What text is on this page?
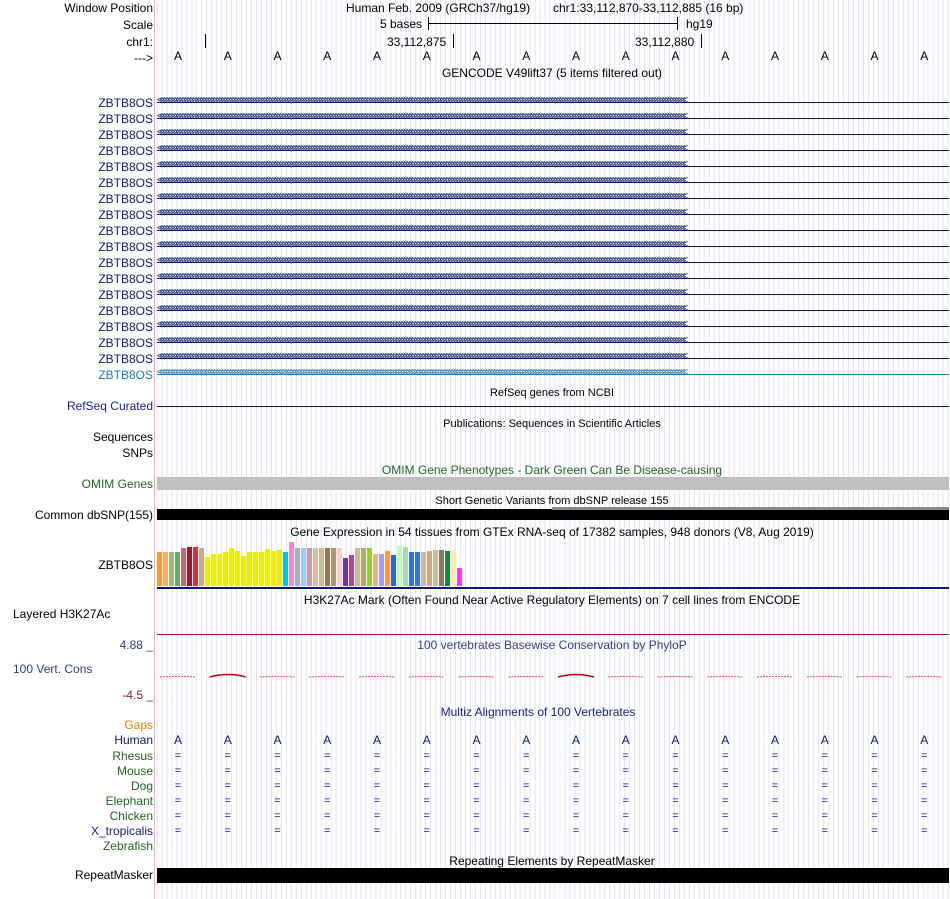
Window Position	Human Feb. 2009 (GRCh37/hg19) chr1:33,112,870-33,112,885 (16 bp)
Scale	5 bases	hg19
chr1:	33,112,875	33,112,880
---> A	A	A	A	A	A	A	A	A	A	A	A	A	A	A	A
GENCODE V49lift37 (5 items filtered out)
ZBTB8OS <<<<<<<<<<<<<<<<<<<<<<<<<<<<<<<<<<<<<<<<<<<<<<<<<<<<<<<<<<<<<<<<<<<<<<<<<<<<<<<<<<<<<<<<<<<<<<<<<<<<<<<<<<<<<<<<<<<<<<<<<<<<<<<<<<<<<<<<<<<<<<<<<<<<<<<<<<<<<<<<<<<<<<<<<<<<<<<<<<<<<<<<<<<<<<<<<<<<<<<<
ZBTB8OS <<<<<<<<<<<<<<<<<<<<<<<<<<<<<<<<<<<<<<<<<<<<<<<<<<<<<<<<<<<<<<<<<<<<<<<<<<<<<<<<<<<<<<<<<<<<<<<<<<<<<<<<<<<<<<<<<<<<<<<<<<<<<<<<<<<<<<<<<<<<<<<<<<<<<<<<<<<<<<<<<<<<<<<<<<<<<<<<<<<<<<<<<<<<<<<<<<<<<<<<
ZBTB8OS <<<<<<<<<<<<<<<<<<<<<<<<<<<<<<<<<<<<<<<<<<<<<<<<<<<<<<<<<<<<<<<<<<<<<<<<<<<<<<<<<<<<<<<<<<<<<<<<<<<<<<<<<<<<<<<<<<<<<<<<<<<<<<<<<<<<<<<<<<<<<<<<<<<<<<<<<<<<<<<<<<<<<<<<<<<<<<<<<<<<<<<<<<<<<<<<<<<<<<<<
ZBTB8OS <<<<<<<<<<<<<<<<<<<<<<<<<<<<<<<<<<<<<<<<<<<<<<<<<<<<<<<<<<<<<<<<<<<<<<<<<<<<<<<<<<<<<<<<<<<<<<<<<<<<<<<<<<<<<<<<<<<<<<<<<<<<<<<<<<<<<<<<<<<<<<<<<<<<<<<<<<<<<<<<<<<<<<<<<<<<<<<<<<<<<<<<<<<<<<<<<<<<<<<<
ZBTB8OS <<<<<<<<<<<<<<<<<<<<<<<<<<<<<<<<<<<<<<<<<<<<<<<<<<<<<<<<<<<<<<<<<<<<<<<<<<<<<<<<<<<<<<<<<<<<<<<<<<<<<<<<<<<<<<<<<<<<<<<<<<<<<<<<<<<<<<<<<<<<<<<<<<<<<<<<<<<<<<<<<<<<<<<<<<<<<<<<<<<<<<<<<<<<<<<<<<<<<<<<
ZBTB8OS <<<<<<<<<<<<<<<<<<<<<<<<<<<<<<<<<<<<<<<<<<<<<<<<<<<<<<<<<<<<<<<<<<<<<<<<<<<<<<<<<<<<<<<<<<<<<<<<<<<<<<<<<<<<<<<<<<<<<<<<<<<<<<<<<<<<<<<<<<<<<<<<<<<<<<<<<<<<<<<<<<<<<<<<<<<<<<<<<<<<<<<<<<<<<<<<<<<<<<<<
ZBTB8OS <<<<<<<<<<<<<<<<<<<<<<<<<<<<<<<<<<<<<<<<<<<<<<<<<<<<<<<<<<<<<<<<<<<<<<<<<<<<<<<<<<<<<<<<<<<<<<<<<<<<<<<<<<<<<<<<<<<<<<<<<<<<<<<<<<<<<<<<<<<<<<<<<<<<<<<<<<<<<<<<<<<<<<<<<<<<<<<<<<<<<<<<<<<<<<<<<<<<<<<<
ZBTB8OS <<<<<<<<<<<<<<<<<<<<<<<<<<<<<<<<<<<<<<<<<<<<<<<<<<<<<<<<<<<<<<<<<<<<<<<<<<<<<<<<<<<<<<<<<<<<<<<<<<<<<<<<<<<<<<<<<<<<<<<<<<<<<<<<<<<<<<<<<<<<<<<<<<<<<<<<<<<<<<<<<<<<<<<<<<<<<<<<<<<<<<<<<<<<<<<<<<<<<<<<
ZBTB8OS <<<<<<<<<<<<<<<<<<<<<<<<<<<<<<<<<<<<<<<<<<<<<<<<<<<<<<<<<<<<<<<<<<<<<<<<<<<<<<<<<<<<<<<<<<<<<<<<<<<<<<<<<<<<<<<<<<<<<<<<<<<<<<<<<<<<<<<<<<<<<<<<<<<<<<<<<<<<<<<<<<<<<<<<<<<<<<<<<<<<<<<<<<<<<<<<<<<<<<<<
ZBTB8OS <<<<<<<<<<<<<<<<<<<<<<<<<<<<<<<<<<<<<<<<<<<<<<<<<<<<<<<<<<<<<<<<<<<<<<<<<<<<<<<<<<<<<<<<<<<<<<<<<<<<<<<<<<<<<<<<<<<<<<<<<<<<<<<<<<<<<<<<<<<<<<<<<<<<<<<<<<<<<<<<<<<<<<<<<<<<<<<<<<<<<<<<<<<<<<<<<<<<<<<<
ZBTB8OS <<<<<<<<<<<<<<<<<<<<<<<<<<<<<<<<<<<<<<<<<<<<<<<<<<<<<<<<<<<<<<<<<<<<<<<<<<<<<<<<<<<<<<<<<<<<<<<<<<<<<<<<<<<<<<<<<<<<<<<<<<<<<<<<<<<<<<<<<<<<<<<<<<<<<<<<<<<<<<<<<<<<<<<<<<<<<<<<<<<<<<<<<<<<<<<<<<<<<<<<
ZBTB8OS <<<<<<<<<<<<<<<<<<<<<<<<<<<<<<<<<<<<<<<<<<<<<<<<<<<<<<<<<<<<<<<<<<<<<<<<<<<<<<<<<<<<<<<<<<<<<<<<<<<<<<<<<<<<<<<<<<<<<<<<<<<<<<<<<<<<<<<<<<<<<<<<<<<<<<<<<<<<<<<<<<<<<<<<<<<<<<<<<<<<<<<<<<<<<<<<<<<<<<<<
ZBTB8OS <<<<<<<<<<<<<<<<<<<<<<<<<<<<<<<<<<<<<<<<<<<<<<<<<<<<<<<<<<<<<<<<<<<<<<<<<<<<<<<<<<<<<<<<<<<<<<<<<<<<<<<<<<<<<<<<<<<<<<<<<<<<<<<<<<<<<<<<<<<<<<<<<<<<<<<<<<<<<<<<<<<<<<<<<<<<<<<<<<<<<<<<<<<<<<<<<<<<<<<<
ZBTB8OS <<<<<<<<<<<<<<<<<<<<<<<<<<<<<<<<<<<<<<<<<<<<<<<<<<<<<<<<<<<<<<<<<<<<<<<<<<<<<<<<<<<<<<<<<<<<<<<<<<<<<<<<<<<<<<<<<<<<<<<<<<<<<<<<<<<<<<<<<<<<<<<<<<<<<<<<<<<<<<<<<<<<<<<<<<<<<<<<<<<<<<<<<<<<<<<<<<<<<<<<
ZBTB8OS <<<<<<<<<<<<<<<<<<<<<<<<<<<<<<<<<<<<<<<<<<<<<<<<<<<<<<<<<<<<<<<<<<<<<<<<<<<<<<<<<<<<<<<<<<<<<<<<<<<<<<<<<<<<<<<<<<<<<<<<<<<<<<<<<<<<<<<<<<<<<<<<<<<<<<<<<<<<<<<<<<<<<<<<<<<<<<<<<<<<<<<<<<<<<<<<<<<<<<<<
ZBTB8OS <<<<<<<<<<<<<<<<<<<<<<<<<<<<<<<<<<<<<<<<<<<<<<<<<<<<<<<<<<<<<<<<<<<<<<<<<<<<<<<<<<<<<<<<<<<<<<<<<<<<<<<<<<<<<<<<<<<<<<<<<<<<<<<<<<<<<<<<<<<<<<<<<<<<<<<<<<<<<<<<<<<<<<<<<<<<<<<<<<<<<<<<<<<<<<<<<<<<<<<<
ZBTB8OS <<<<<<<<<<<<<<<<<<<<<<<<<<<<<<<<<<<<<<<<<<<<<<<<<<<<<<<<<<<<<<<<<<<<<<<<<<<<<<<<<<<<<<<<<<<<<<<<<<<<<<<<<<<<<<<<<<<<<<<<<<<<<<<<<<<<<<<<<<<<<<<<<<<<<<<<<<<<<<<<<<<<<<<<<<<<<<<<<<<<<<<<<<<<<<<<<<<<<<<<
ZBTB8OS <<<<<<<<<<<<<<<<<<<<<<<<<<<<<<<<<<<<<<<<<<<<<<<<<<<<<<<<<<<<<<<<<<<<<<<<<<<<<<<<<<<<<<<<<<<<<<<<<<<<<<<<<<<<<<<<<<<<<<<<<<<<<<<<<<<<<<<<<<<<<<<<<<<<<<<<<<<<<<<<<<<<<<<<<<<<<<<<<<<<<<<<<<<<<<<<<<<<<<<<
RefSeq genes from NCBI
RefSeq Curated
Publications: Sequences in Scientific Articles
Sequences
SNPs
OMIM Gene Phenotypes - Dark Green Can Be Disease-causing
OMIM Genes
Short Genetic Variants from dbSNP release 155
Common dbSNP(155)
Gene Expression in 54 tissues from GTEx RNA-seq of 17382 samples, 948 donors (V8, Aug 2019)
ZBTB8OS
H3K27Ac Mark (Often Found Near Active Regulatory Elements) on 7 cell lines from ENCODE
Layered H3K27Ac
100 vertebrates Basewise Conservation by PhyloP
4.88 _
100 Vert. Cons
-4.5 _
Multiz Alignments of 100 Vertebrates
Gaps
Human A	A	A	A	A	A	A	A	A	A	A	A	A	A	A	A
Rhesus =	=	=	=	=	=	=	=	=	=	=	=	=	=	=	=
Mouse =	=	=	=	=	=	=	=	=	=	=	=	=	=	=	=
Dog =	=	=	=	=	=	=	=	=	=	=	=	=	=	=	=
Elephant =	=	=	=	=	=	=	=	=	=	=	=	=	=	=	=
Chicken =	=	=	=	=	=	=	=	=	=	=	=	=	=	=	=
X_tropicalis =	=	=	=	=	=	=	=	=	=	=	=	=	=	=	=
Zebrafish
Repeating Elements by RepeatMasker
RepeatMasker
